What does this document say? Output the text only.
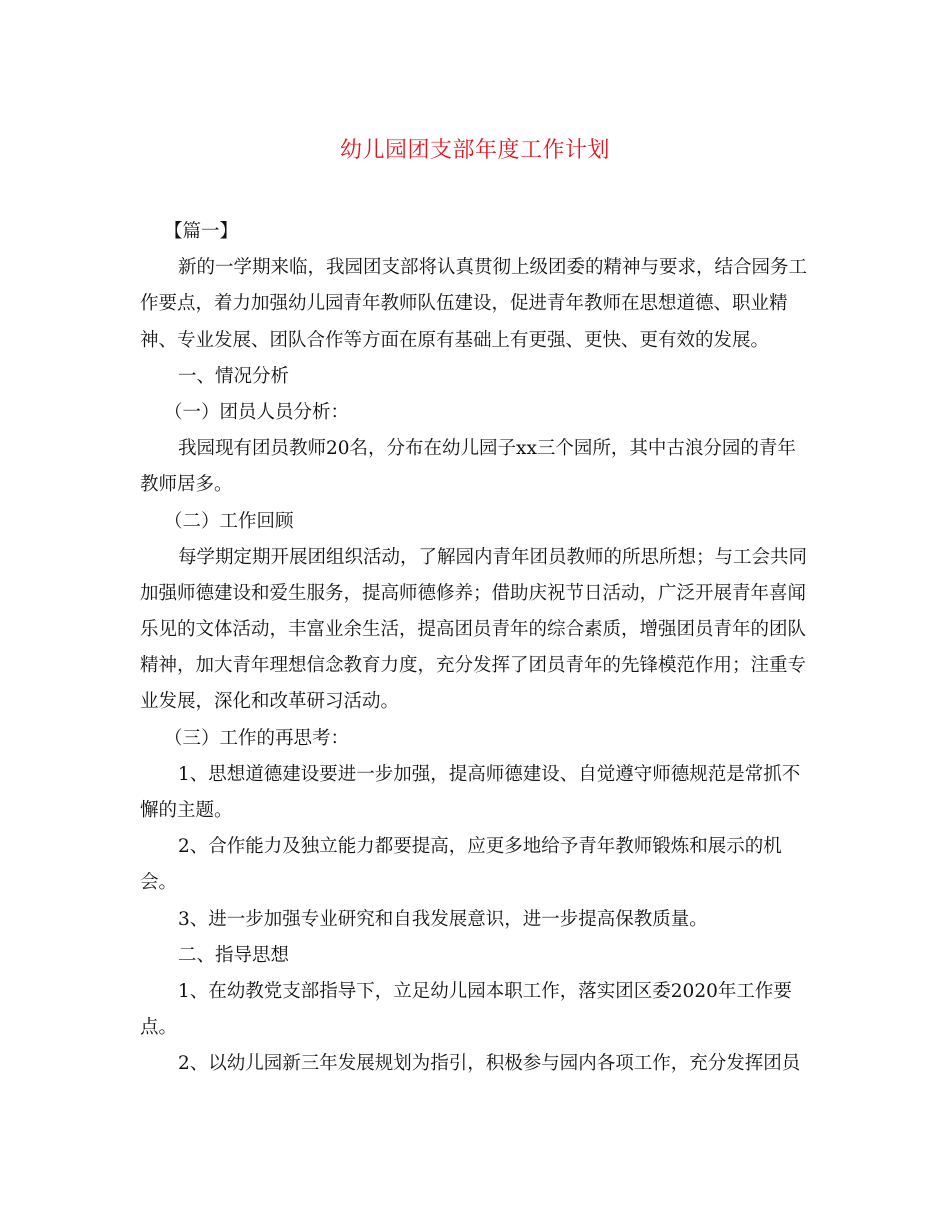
幼儿园团支部年度工作计划
【篇一】
新的一学期来临，我园团支部将认真贯彻上级团委的精神与要求，结合园务工
作要点，着力加强幼儿园青年教师队伍建设，促进青年教师在思想道德、职业精
神、专业发展、团队合作等方面在原有基础上有更强、更快、更有效的发展。
一、情况分析
（一）团员人员分析：
我园现有团员教师20名，分布在幼儿园子xx三个园所，其中古浪分园的青年
教师居多。
（二）工作回顾
每学期定期开展团组织活动，了解园内青年团员教师的所思所想；与工会共同
加强师德建设和爱生服务，提高师德修养；借助庆祝节日活动，广泛开展青年喜闻
乐见的文体活动，丰富业余生活，提高团员青年的综合素质，增强团员青年的团队
精神，加大青年理想信念教育力度，充分发挥了团员青年的先锋模范作用；注重专
业发展，深化和改革研习活动。
（三）工作的再思考：
1、思想道德建设要进一步加强，提高师德建设、自觉遵守师德规范是常抓不
懈的主题。
2、合作能力及独立能力都要提高，应更多地给予青年教师锻炼和展示的机
会。
3、进一步加强专业研究和自我发展意识，进一步提高保教质量。
二、指导思想
1、在幼教党支部指导下，立足幼儿园本职工作，落实团区委2020年工作要
点。
2、以幼儿园新三年发展规划为指引，积极参与园内各项工作，充分发挥团员
